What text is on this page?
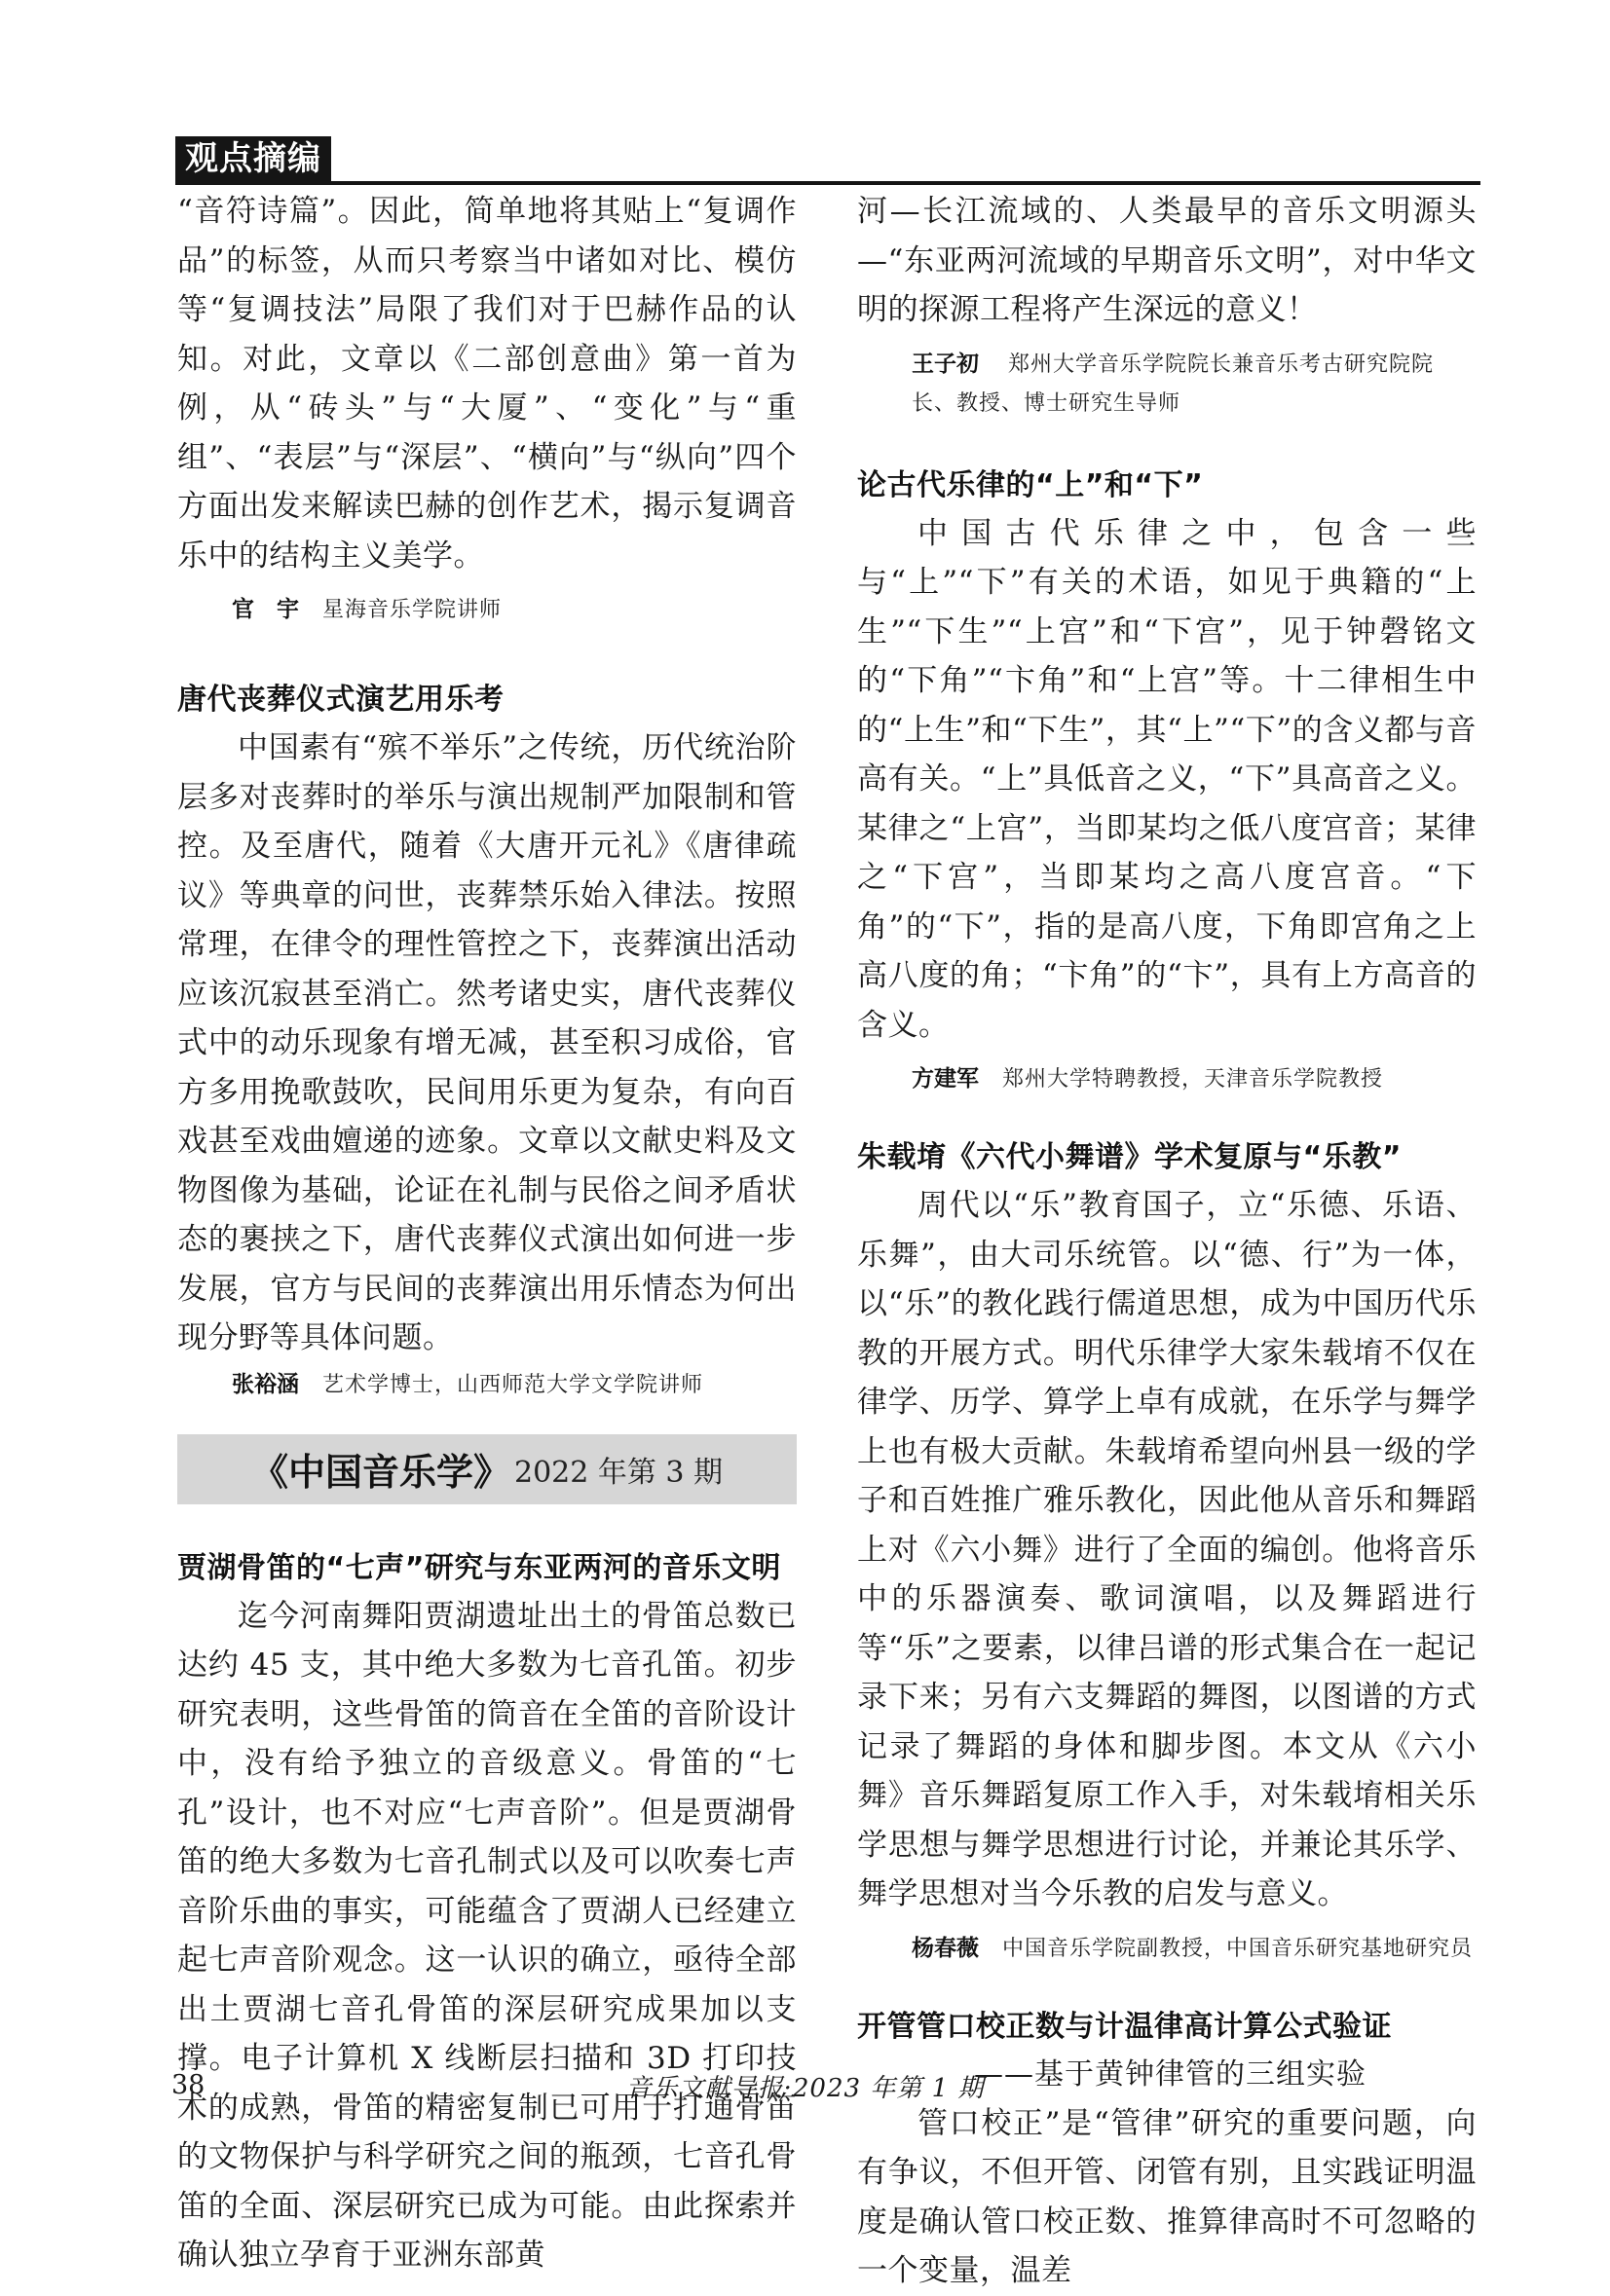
观点摘编

“音符诗篇”。因此，简单地将其贴上“复调作品”的标签，从而只考察当中诸如对比、模仿等“复调技法”局限了我们对于巴赫作品的认知。对此，文章以《二部创意曲》第一首为例，从“砖头”与“大厦”、“变化”与“重组”、“表层”与“深层”、“横向”与“纵向”四个方面出发来解读巴赫的创作艺术，揭示复调音乐中的结构主义美学。

官　宇 星海音乐学院讲师

唐代丧葬仪式演艺用乐考

中国素有“殡不举乐”之传统，历代统治阶层多对丧葬时的举乐与演出规制严加限制和管控。及至唐代，随着《大唐开元礼》《唐律疏议》等典章的问世，丧葬禁乐始入律法。按照常理，在律令的理性管控之下，丧葬演出活动应该沉寂甚至消亡。然考诸史实，唐代丧葬仪式中的动乐现象有增无减，甚至积习成俗，官方多用挽歌鼓吹，民间用乐更为复杂，有向百戏甚至戏曲嬗递的迹象。文章以文献史料及文物图像为基础，论证在礼制与民俗之间矛盾状态的裹挟之下，唐代丧葬仪式演出如何进一步发展，官方与民间的丧葬演出用乐情态为何出现分野等具体问题。

张裕涵 艺术学博士，山西师范大学文学院讲师

《中国音乐学》 2022 年第 3 期
贾湖骨笛的“七声”研究与东亚两河的音乐文明

迄今河南舞阳贾湖遗址出土的骨笛总数已达约 45 支，其中绝大多数为七音孔笛。初步研究表明，这些骨笛的筒音在全笛的音阶设计中，没有给予独立的音级意义。骨笛的“七孔”设计，也不对应“七声音阶”。但是贾湖骨笛的绝大多数为七音孔制式以及可以吹奏七声音阶乐曲的事实，可能蕴含了贾湖人已经建立起七声音阶观念。这一认识的确立，亟待全部出土贾湖七音孔骨笛的深层研究成果加以支撑。电子计算机 X 线断层扫描和 3D 打印技术的成熟，骨笛的精密复制已可用于打通骨笛的文物保护与科学研究之间的瓶颈，七音孔骨笛的全面、深层研究已成为可能。由此探索并确认独立孕育于亚洲东部黄

河—长江流域的、人类最早的音乐文明源头—“东亚两河流域的早期音乐文明”，对中华文明的探源工程将产生深远的意义！

王子初 郑州大学音乐学院院长兼音乐考古研究院院长、教授、博士研究生导师

论古代乐律的“上”和“下”

中国古代乐律之中，包含一些与“上”“下”有关的术语，如见于典籍的“上生”“下生”“上宫”和“下宫”，见于钟磬铭文的“下角”“卞角”和“上宫”等。十二律相生中的“上生”和“下生”，其“上”“下”的含义都与音高有关。“上”具低音之义，“下”具高音之义。某律之“上宫”，当即某均之低八度宫音；某律之“下宫”，当即某均之高八度宫音。“下角”的“下”，指的是高八度，下角即宫角之上高八度的角；“卞角”的“卞”，具有上方高音的含义。

方建军 郑州大学特聘教授，天津音乐学院教授

朱载堉《六代小舞谱》学术复原与“乐教”

周代以“乐”教育国子，立“乐德、乐语、乐舞”，由大司乐统管。以“德、行”为一体，以“乐”的教化践行儒道思想，成为中国历代乐教的开展方式。明代乐律学大家朱载堉不仅在律学、历学、算学上卓有成就，在乐学与舞学上也有极大贡献。朱载堉希望向州县一级的学子和百姓推广雅乐教化，因此他从音乐和舞蹈上对《六小舞》进行了全面的编创。他将音乐中的乐器演奏、歌词演唱，以及舞蹈进行等“乐”之要素，以律吕谱的形式集合在一起记录下来；另有六支舞蹈的舞图，以图谱的方式记录了舞蹈的身体和脚步图。本文从《六小舞》音乐舞蹈复原工作入手，对朱载堉相关乐学思想与舞学思想进行讨论，并兼论其乐学、舞学思想对当今乐教的启发与意义。

杨春薇 中国音乐学院副教授，中国音乐研究基地研究员

开管管口校正数与计温律高计算公式验证

——基于黄钟律管的三组实验

管口校正”是“管律”研究的重要问题，向有争议，不但开管、闭管有别，且实践证明温度是确认管口校正数、推算律高时不可忽略的一个变量，温差

38	音乐文献导报·2023 年第 1 期
